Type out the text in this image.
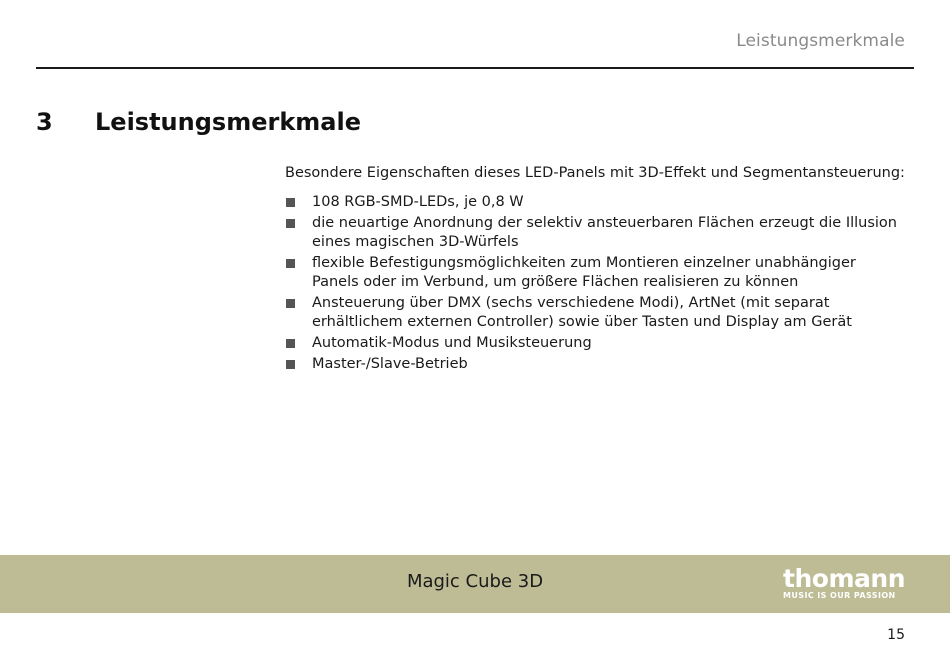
Leistungsmerkmale
3 Leistungsmerkmale

Besondere Eigenschaften dieses LED-Panels mit 3D-Effekt und Segmentansteuerung:

108 RGB-SMD-LEDs, je 0,8 W
die neuartige Anordnung der selektiv ansteuerbaren Flächen erzeugt die Illusion eines magischen 3D-Würfels
flexible Befestigungsmöglichkeiten zum Montieren einzelner unabhängiger Panels oder im Verbund, um größere Flächen realisieren zu können
Ansteuerung über DMX (sechs verschiedene Modi), ArtNet (mit separat erhältlichem externen Controller) sowie über Tasten und Display am Gerät
Automatik-Modus und Musiksteuerung
Master-/Slave-Betrieb
Magic Cube 3D	thomann
MUSIC IS OUR PASSION
15
